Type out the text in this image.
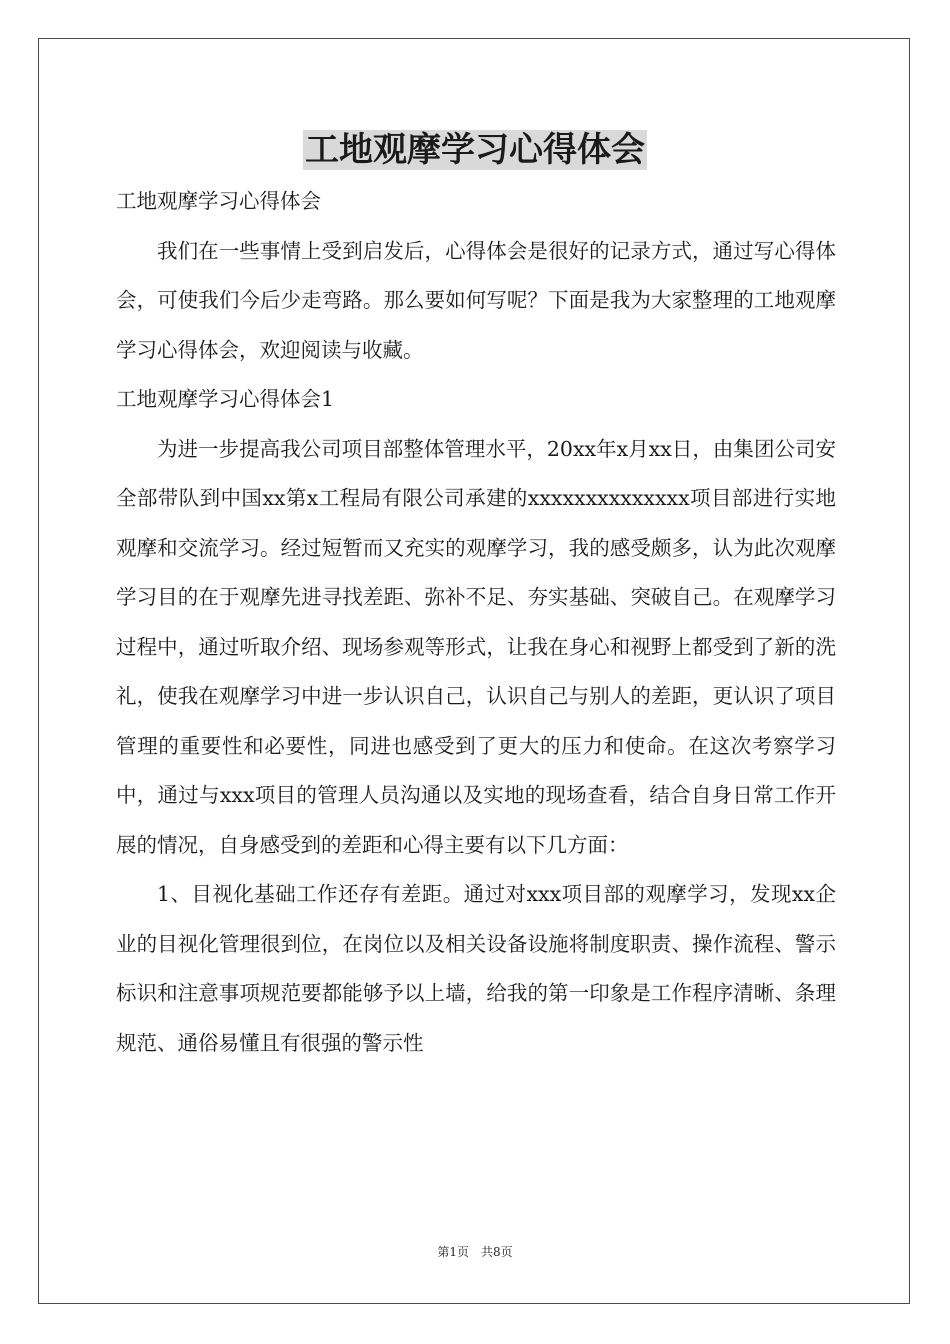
工地观摩学习心得体会

工地观摩学习心得体会

我们在一些事情上受到启发后，心得体会是很好的记录方式，通过写心得体会，可使我们今后少走弯路。那么要如何写呢？下面是我为大家整理的工地观摩学习心得体会，欢迎阅读与收藏。

工地观摩学习心得体会1

为进一步提高我公司项目部整体管理水平，20xx年x月xx日，由集团公司安全部带队到中国xx第x工程局有限公司承建的xxxxxxxxxxxxxx项目部进行实地观摩和交流学习。经过短暂而又充实的观摩学习，我的感受颇多，认为此次观摩学习目的在于观摩先进寻找差距、弥补不足、夯实基础、突破自己。在观摩学习过程中，通过听取介绍、现场参观等形式，让我在身心和视野上都受到了新的洗礼，使我在观摩学习中进一步认识自己，认识自己与别人的差距，更认识了项目管理的重要性和必要性，同进也感受到了更大的压力和使命。在这次考察学习中，通过与xxx项目的管理人员沟通以及实地的现场查看，结合自身日常工作开展的情况，自身感受到的差距和心得主要有以下几方面：

1、目视化基础工作还存有差距。通过对xxx项目部的观摩学习，发现xx企业的目视化管理很到位，在岗位以及相关设备设施将制度职责、操作流程、警示标识和注意事项规范要都能够予以上墙，给我的第一印象是工作程序清晰、条理规范、通俗易懂且有很强的警示性

第1页　共8页
